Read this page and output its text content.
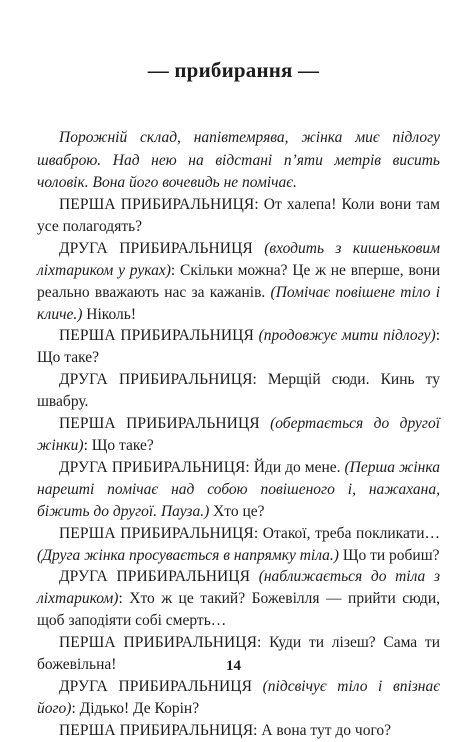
— прибирання —

Порожній склад, напівтемрява, жінка миє підлогу шваброю. Над нею на відстані п’яти метрів висить чоловік. Вона його вочевидь не помічає.

ПЕРША ПРИБИРАЛЬНИЦЯ: От халепа! Коли вони там усе полагодять?

ДРУГА ПРИБИРАЛЬНИЦЯ (входить з кишеньковим ліхтариком у руках): Скільки можна? Це ж не вперше, вони реально вважають нас за кажанів. (Помічає повішене тіло і кличе.) Ніколь!

ПЕРША ПРИБИРАЛЬНИЦЯ (продовжує мити підлогу): Що таке?

ДРУГА ПРИБИРАЛЬНИЦЯ: Мерщій сюди. Кинь ту швабру.

ПЕРША ПРИБИРАЛЬНИЦЯ (обертається до другої жінки): Що таке?

ДРУГА ПРИБИРАЛЬНИЦЯ: Йди до мене. (Перша жінка нарешті помічає над собою повішеного і, нажахана, біжить до другої. Пауза.) Хто це?

ПЕРША ПРИБИРАЛЬНИЦЯ: Отакої, треба покликати… (Друга жінка просувається в напрямку тіла.) Що ти робиш?

ДРУГА ПРИБИРАЛЬНИЦЯ (наближається до тіла з ліхтариком): Хто ж це такий? Божевілля — прийти сюди, щоб заподіяти собі смерть…

ПЕРША ПРИБИРАЛЬНИЦЯ: Куди ти лізеш? Сама ти божевільна!

ДРУГА ПРИБИРАЛЬНИЦЯ (підсвічує тіло і впізнає його): Дідько! Де Корін?

ПЕРША ПРИБИРАЛЬНИЦЯ: А вона тут до чого?

14
